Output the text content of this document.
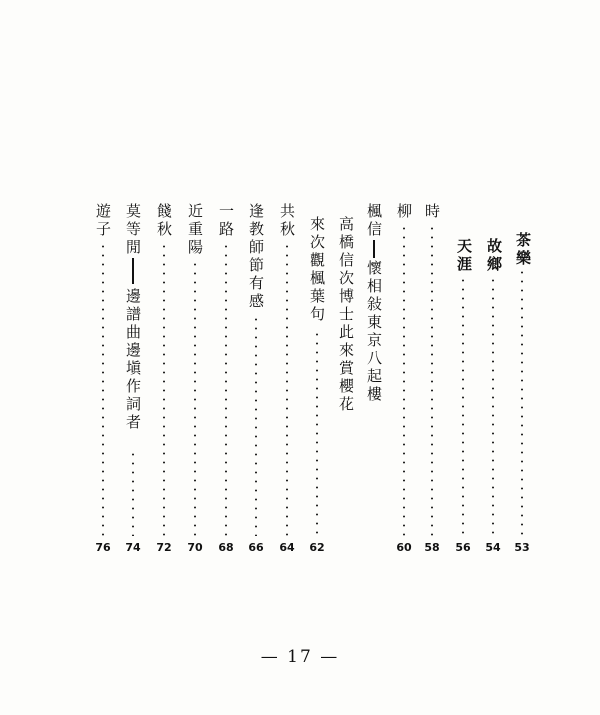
茶樂
53
故鄉
54
天涯
56
時
58
柳
60
楓信
懷相敍東京八起樓
高橋信次博士此來賞櫻花
來次觀楓葉句
62
共秋
64
逢教師節有感
66
一路
68
近重陽
70
餞秋
72
莫等閒
邊譜曲邊塡作詞者
74
遊子
76
— 17 —
